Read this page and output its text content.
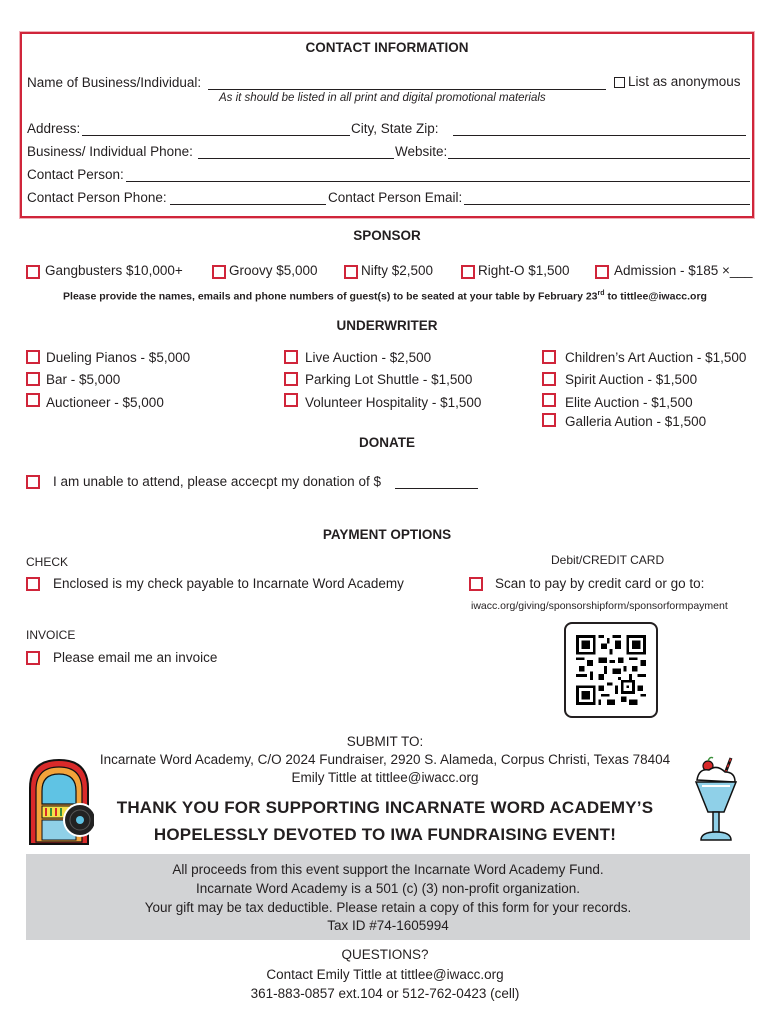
CONTACT INFORMATION
Name of Business/Individual:	List as anonymous
As it should be listed in all print and digital promotional materials
Address:	City, State Zip:
Business/ Individual Phone:	Website:
Contact Person:
Contact Person Phone:	Contact Person Email:
SPONSOR
Gangbusters $10,000+	Groovy $5,000	Nifty $2,500	Right-O $1,500	Admission - $185 ×___
Please provide the names, emails and phone numbers of guest(s) to be seated at your table by February 23rd to tittlee@iwacc.org
UNDERWRITER
Dueling Pianos - $5,000
Bar - $5,000
Auctioneer - $5,000
Live Auction - $2,500
Parking Lot Shuttle - $1,500
Volunteer Hospitality - $1,500
Children’s Art Auction - $1,500
Spirit Auction - $1,500
Elite Auction - $1,500
Galleria Aution - $1,500
DONATE
I am unable to attend, please accecpt my donation of $
PAYMENT OPTIONS
CHECK
Enclosed is my check payable to Incarnate Word Academy
Debit/CREDIT CARD
Scan to pay by credit card or go to:
iwacc.org/giving/sponsorshipform/sponsorformpayment
INVOICE
Please email me an invoice
SUBMIT TO:
Incarnate Word Academy, C/O 2024 Fundraiser, 2920 S. Alameda, Corpus Christi, Texas 78404
Emily Tittle at tittlee@iwacc.org
THANK YOU FOR SUPPORTING INCARNATE WORD ACADEMY’S
HOPELESSLY DEVOTED TO IWA FUNDRAISING EVENT!
All proceeds from this event support the Incarnate Word Academy Fund.
Incarnate Word Academy is a 501 (c) (3) non-profit organization.
Your gift may be tax deductible. Please retain a copy of this form for your records.
Tax ID #74-1605994
QUESTIONS?
Contact Emily Tittle at tittlee@iwacc.org
361-883-0857 ext.104 or 512-762-0423 (cell)
